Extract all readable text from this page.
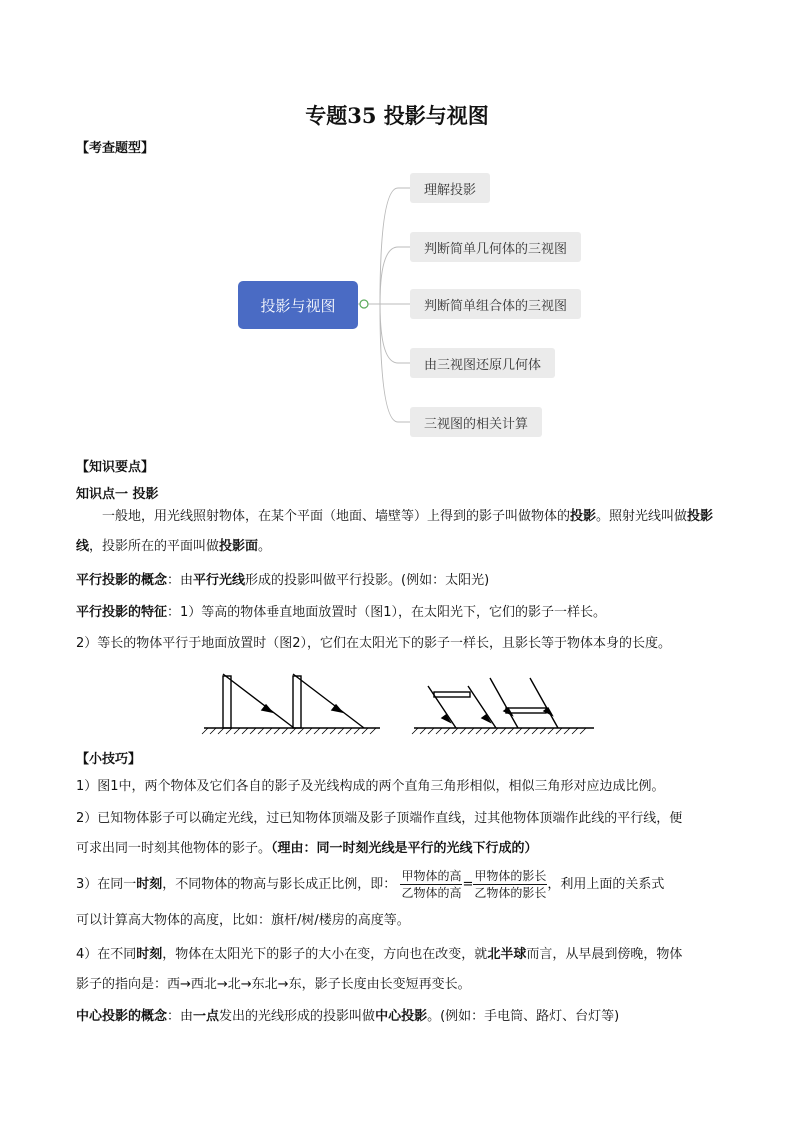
专题35 投影与视图
【考查题型】
投影与视图
理解投影
判断简单几何体的三视图
判断简单组合体的三视图
由三视图还原几何体
三视图的相关计算
【知识要点】
知识点一 投影
一般地，用光线照射物体，在某个平面（地面、墙壁等）上得到的影子叫做物体的投影。照射光线叫做投影
线，投影所在的平面叫做投影面。
平行投影的概念：由平行光线形成的投影叫做平行投影。(例如：太阳光)
平行投影的特征：1）等高的物体垂直地面放置时（图1），在太阳光下，它们的影子一样长。
2）等长的物体平行于地面放置时（图2），它们在太阳光下的影子一样长，且影长等于物体本身的长度。
【小技巧】
1）图1中，两个物体及它们各自的影子及光线构成的两个直角三角形相似，相似三角形对应边成比例。
2）已知物体影子可以确定光线，过已知物体顶端及影子顶端作直线，过其他物体顶端作此线的平行线，便
可求出同一时刻其他物体的影子。（理由：同一时刻光线是平行的光线下行成的）
3）在同一时刻，不同物体的物高与影长成正比例，即： $\frac{\text{甲物体的高}}{\text{乙物体的高}} = \frac{\text{甲物体的影长}}{\text{乙物体的影长}}$ ，利用上面的关系式
可以计算高大物体的高度，比如：旗杆/树/楼房的高度等。
4）在不同时刻，物体在太阳光下的影子的大小在变，方向也在改变，就北半球而言，从早晨到傍晚，物体
影子的指向是：西→西北→北→东北→东，影子长度由长变短再变长。
中心投影的概念：由一点发出的光线形成的投影叫做中心投影。(例如：手电筒、路灯、台灯等)
